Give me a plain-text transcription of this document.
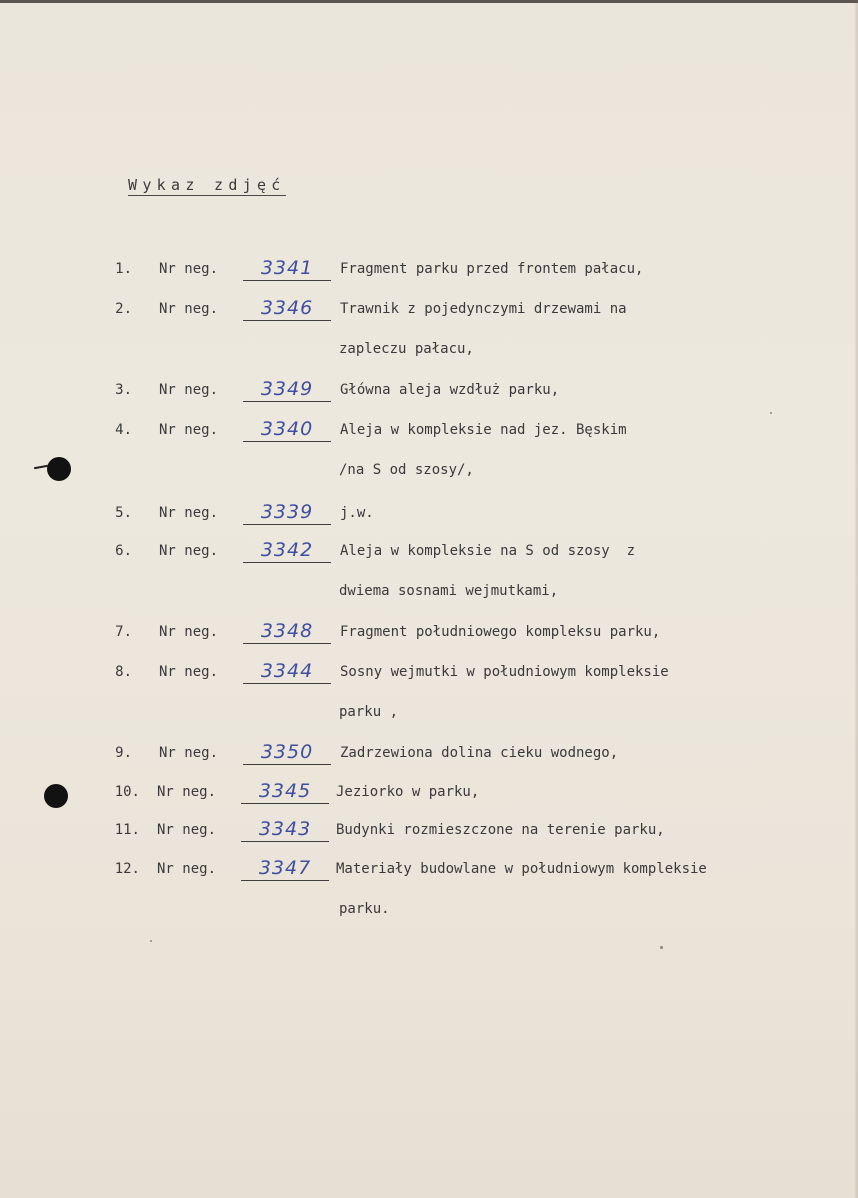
Wykaz zdjęć
1. Nr neg.	3341	Fragment parku przed frontem pałacu,
2. Nr neg.	3346	Trawnik z pojedynczymi drzewami na
zapleczu pałacu,
3. Nr neg.	3349	Główna aleja wzdłuż parku,
4. Nr neg.	3340	Aleja w kompleksie nad jez. Bęskim
/na S od szosy/,
5. Nr neg.	3339	j.w.
6. Nr neg.	3342	Aleja w kompleksie na S od szosy  z
dwiema sosnami wejmutkami,
7. Nr neg.	3348	Fragment południowego kompleksu parku,
8. Nr neg.	3344	Sosny wejmutki w południowym kompleksie
parku ,
9. Nr neg.	3350	Zadrzewiona dolina cieku wodnego,
10. Nr neg.	3345	Jeziorko w parku,
11. Nr neg.	3343	Budynki rozmieszczone na terenie parku,
12. Nr neg.	3347	Materiały budowlane w południowym kompleksie
parku.
